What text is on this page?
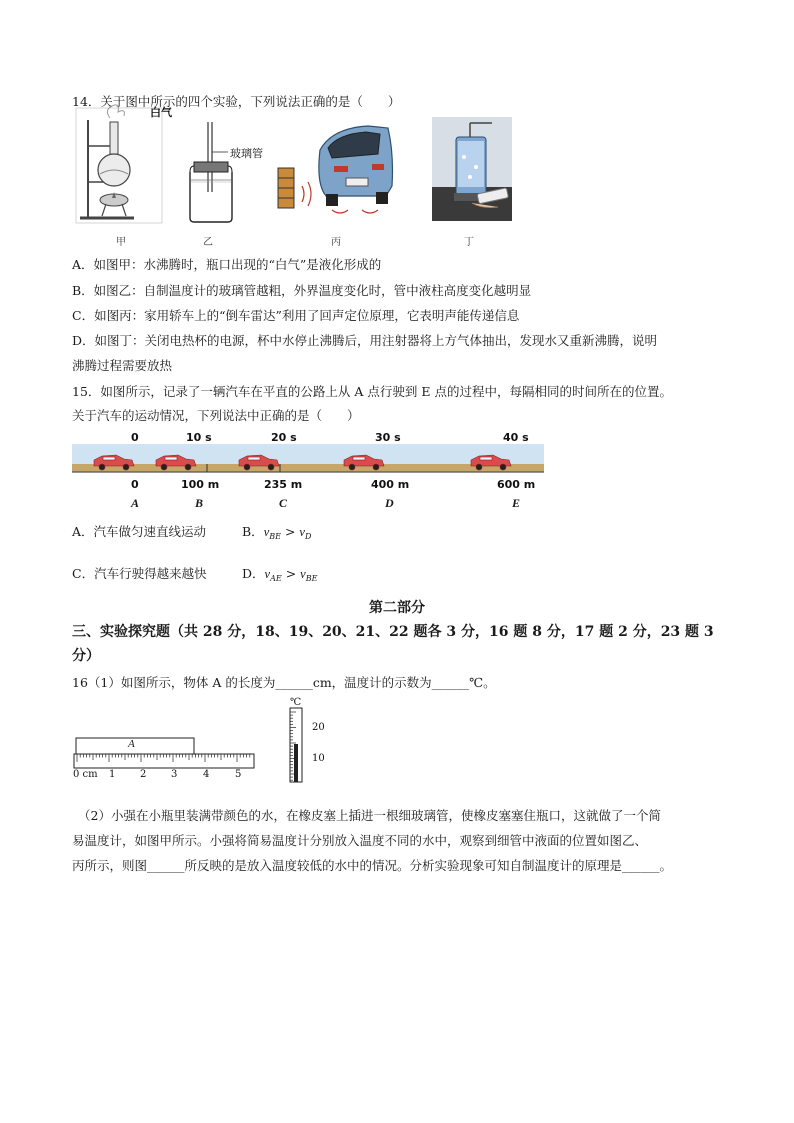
14．关于图中所示的四个实验，下列说法正确的是（　　）
白气
甲
玻璃管
乙	丙	丁
A．如图甲：水沸腾时，瓶口出现的“白气”是液化形成的
B．如图乙：自制温度计的玻璃管越粗，外界温度变化时，管中液柱高度变化越明显
C．如图丙：家用轿车上的“倒车雷达”利用了回声定位原理，它表明声能传递信息
D．如图丁：关闭电热杯的电源，杯中水停止沸腾后，用注射器将上方气体抽出，发现水又重新沸腾，说明
沸腾过程需要放热
15．如图所示，记录了一辆汽车在平直的公路上从 A 点行驶到 E 点的过程中，每隔相同的时间所在的位置。
关于汽车的运动情况，下列说法中正确的是（　　）
0	10 s	20 s	30 s	40 s
0	100 m	235 m	400 m	600 m
A	B	C	D	E
A．汽车做匀速直线运动	B．$v_{BE} > v_D$
C．汽车行驶得越来越快	D．$v_{AE} > v_{BE}$
第二部分
三、实验探究题（共 28 分，18、19、20、21、22 题各 3 分，16 题 8 分，17 题 2 分，23 题 3
分）
16（1）如图所示，物体 A 的长度为______cm，温度计的示数为______℃。
A
0 cm 1 2 3	4	5
℃
20
10
（2）小强在小瓶里装满带颜色的水，在橡皮塞上插进一根细玻璃管，使橡皮塞塞住瓶口，这就做了一个简
易温度计，如图甲所示。小强将简易温度计分别放入温度不同的水中，观察到细管中液面的位置如图乙、
丙所示，则图______所反映的是放入温度较低的水中的情况。分析实验现象可知自制温度计的原理是______。
